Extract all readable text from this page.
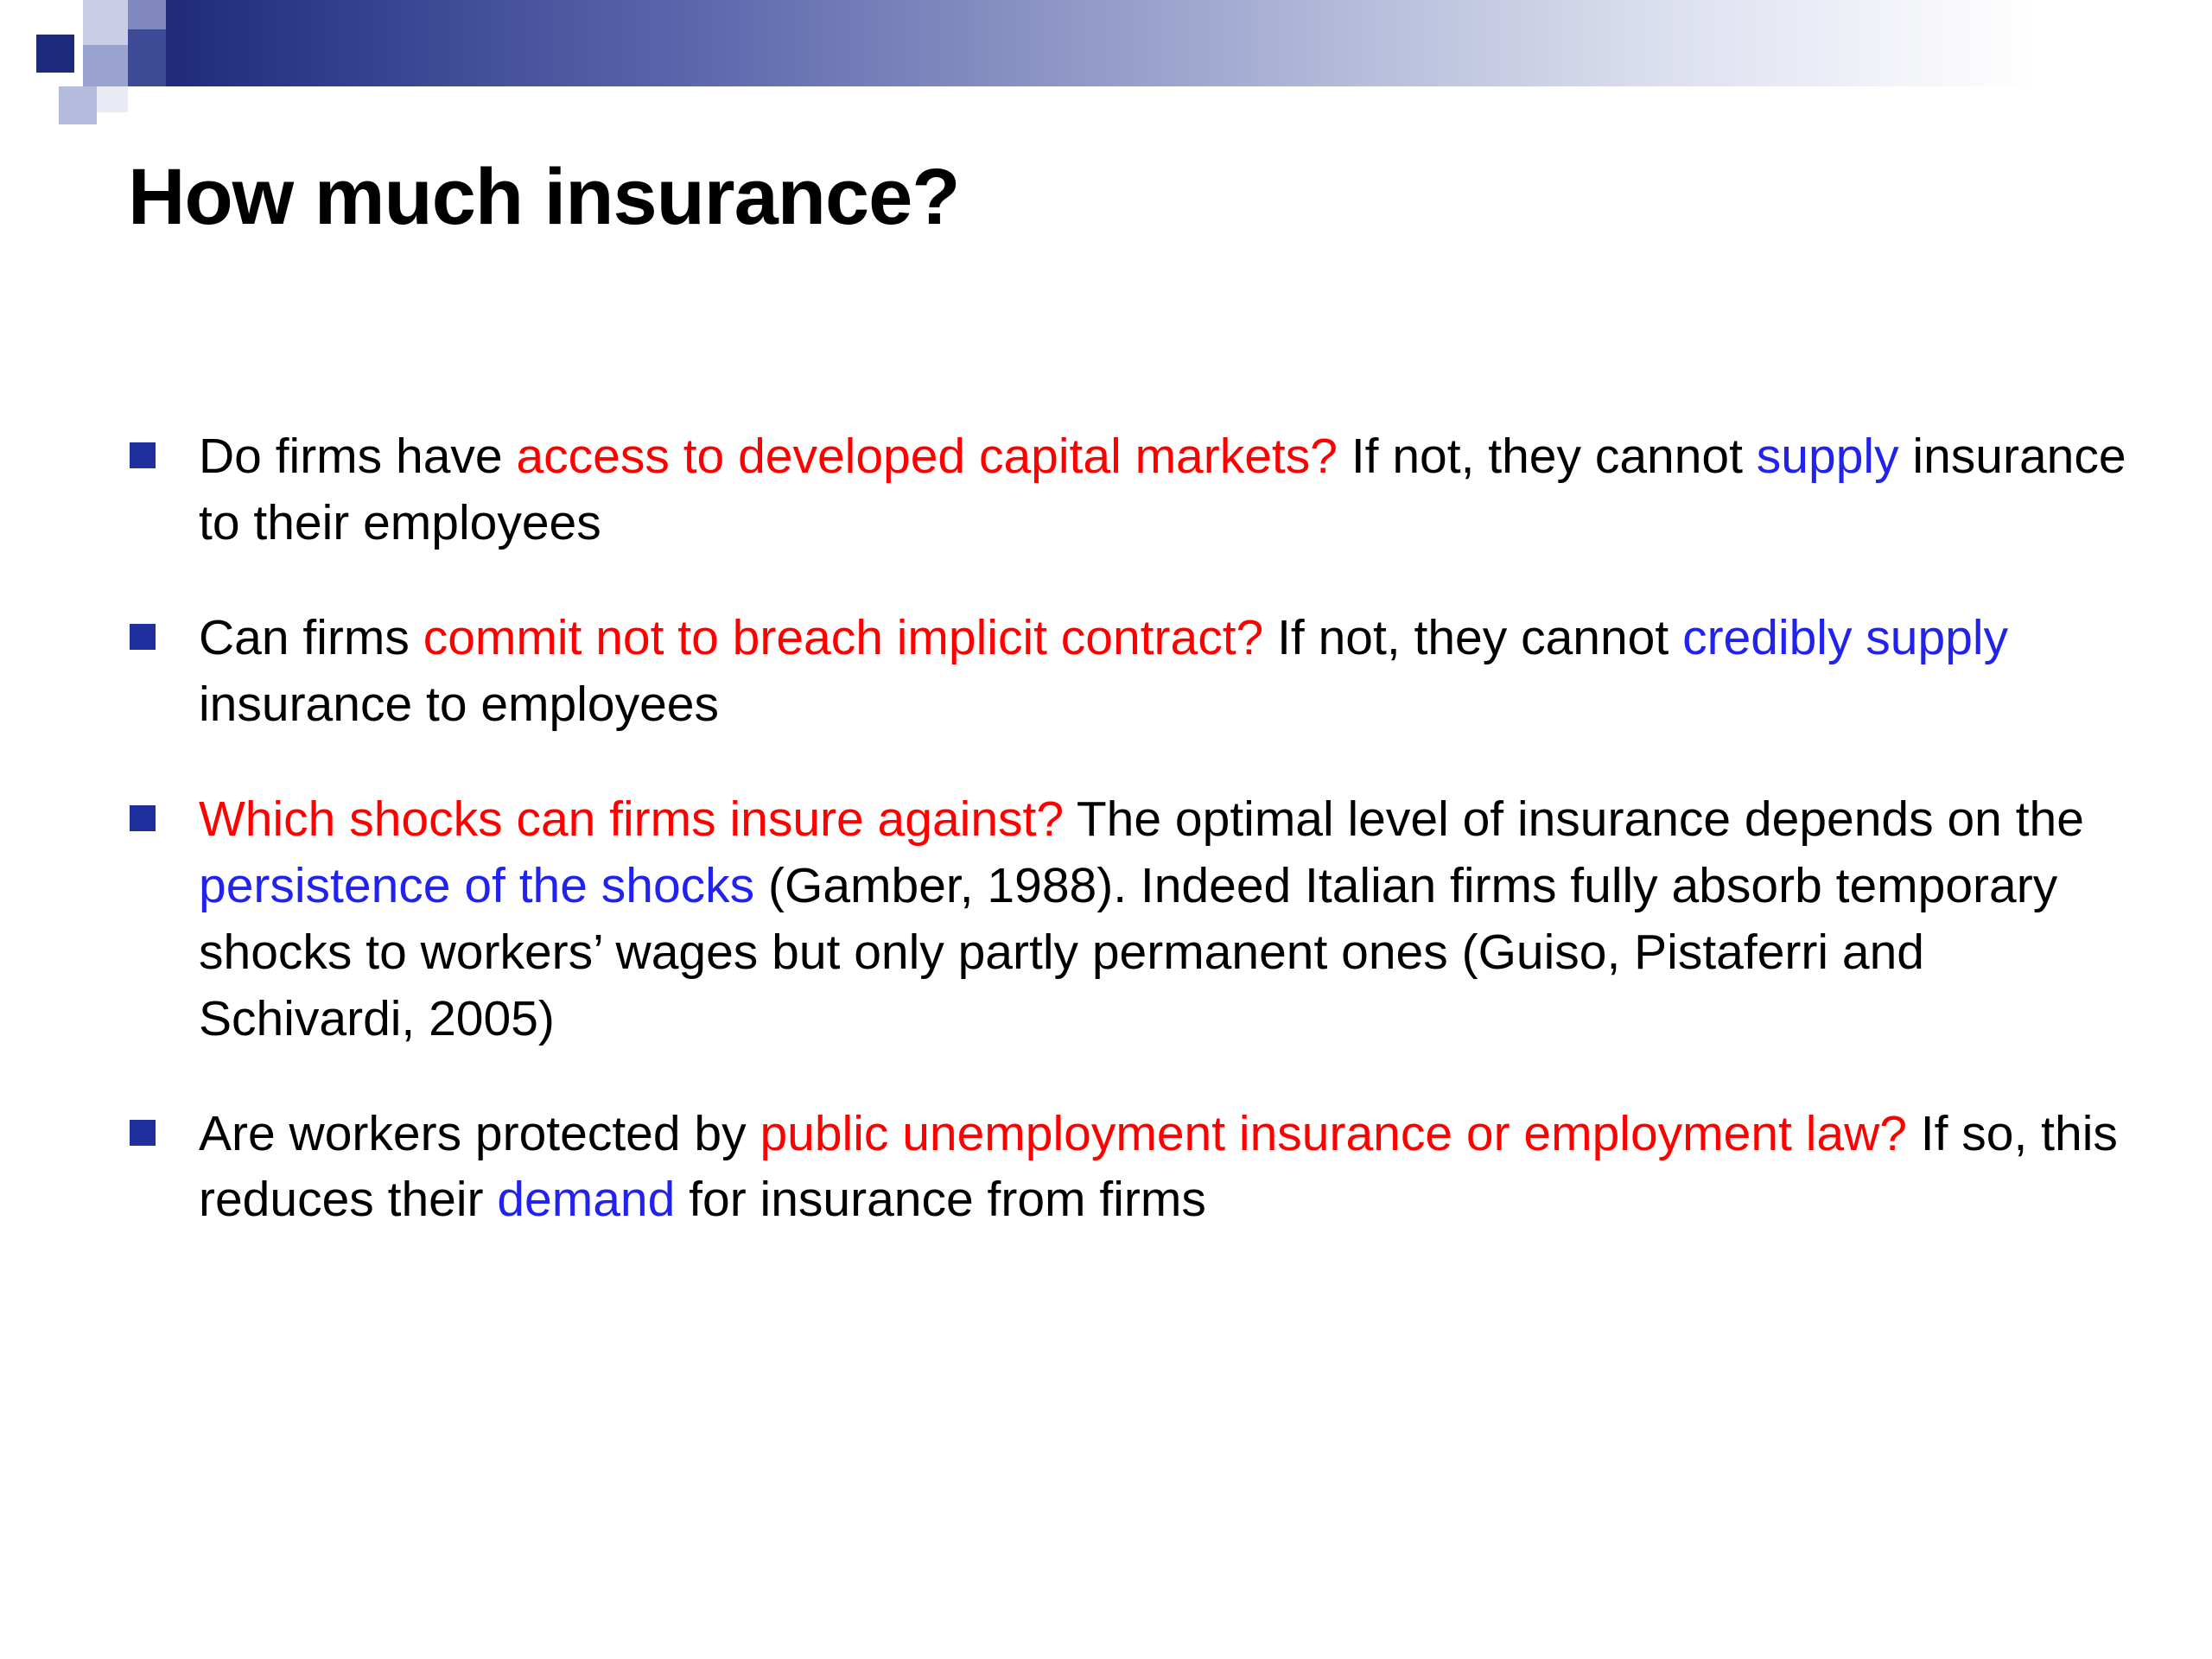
How much insurance?
Do firms have access to developed capital markets? If not, they cannot supply insurance to their employees
Can firms commit not to breach implicit contract? If not, they cannot credibly supply insurance to employees
Which shocks can firms insure against? The optimal level of insurance depends on the persistence of the shocks (Gamber, 1988). Indeed Italian firms fully absorb temporary shocks to workers’ wages but only partly permanent ones (Guiso, Pistaferri and Schivardi, 2005)
Are workers protected by public unemployment insurance or employment law? If so, this reduces their demand for insurance from firms
